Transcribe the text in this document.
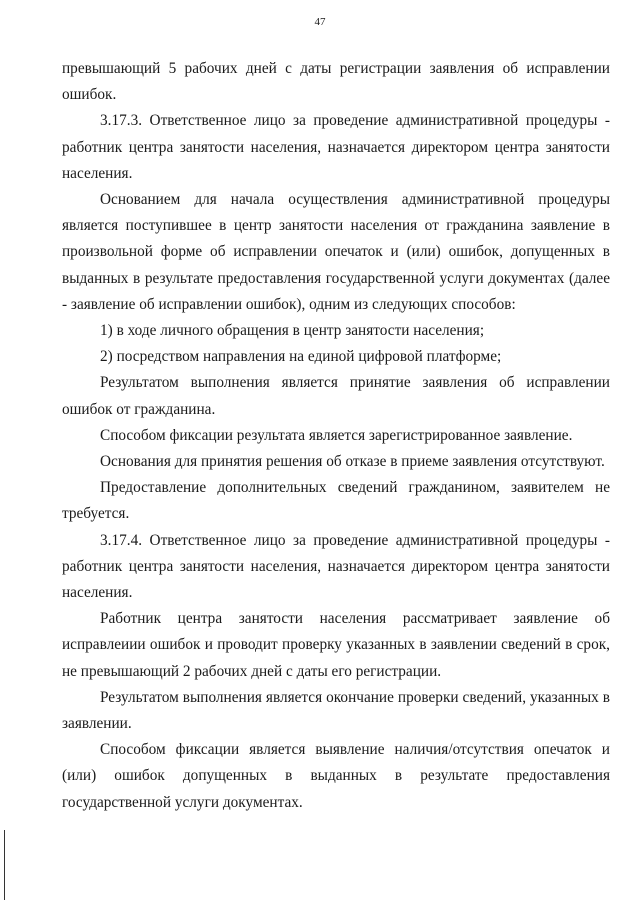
47

превышающий 5 рабочих дней с даты регистрации заявления об исправлении ошибок.

3.17.3. Ответственное лицо за проведение административной процедуры - работник центра занятости населения, назначается директором центра занятости населения.

Основанием для начала осуществления административной процедуры является поступившее в центр занятости населения от гражданина заявление в произвольной форме об исправлении опечаток и (или) ошибок, допущенных в выданных в результате предоставления государственной услуги документах (далее - заявление об исправлении ошибок), одним из следующих способов:

1) в ходе личного обращения в центр занятости населения;

2) посредством направления на единой цифровой платформе;

Результатом выполнения является принятие заявления об исправлении ошибок от гражданина.

Способом фиксации результата является зарегистрированное заявление.

Основания для принятия решения об отказе в приеме заявления отсутствуют.

Предоставление дополнительных сведений гражданином, заявителем не требуется.

3.17.4. Ответственное лицо за проведение административной процедуры - работник центра занятости населения, назначается директором центра занятости населения.

Работник центра занятости населения рассматривает заявление об исправлеиии ошибок и проводит проверку указанных в заявлении сведений в срок, не превышающий 2 рабочих дней с даты его регистрации.

Результатом выполнения является окончание проверки сведений, указанных в заявлении.

Способом фиксации является выявление наличия/отсутствия опечаток и (или) ошибок допущенных в выданных в результате предоставления государственной услуги документах.
